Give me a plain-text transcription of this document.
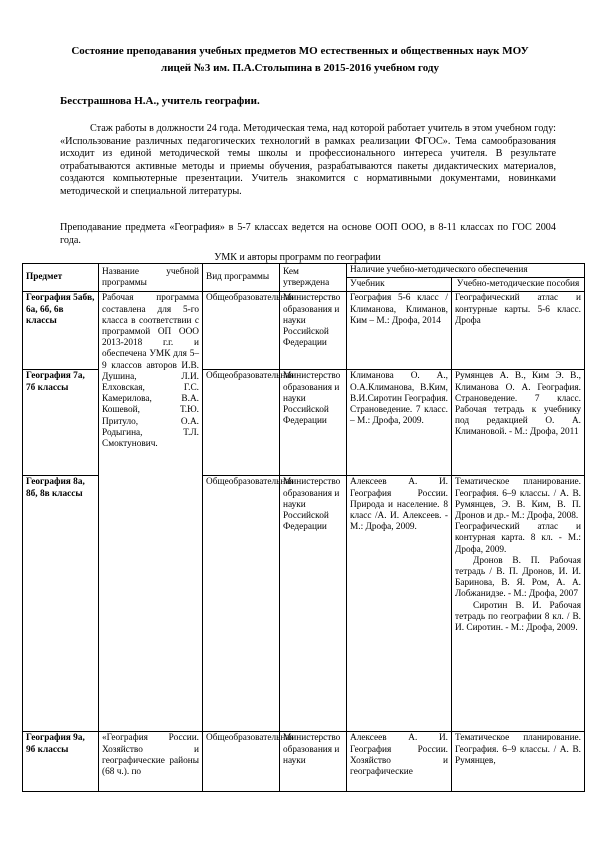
Состояние преподавания учебных предметов МО естественных и общественных наук МОУ
лицей №3 им. П.А.Столыпина в 2015-2016 учебном году
Бесстрашнова Н.А., учитель географии.
Стаж работы в должности 24 года. Методическая тема, над которой работает учитель в этом учебном году: «Использование различных педагогических технологий в рамках реализации ФГОС». Тема самообразования исходит из единой методической темы школы и профессионального интереса учителя. В результате отрабатываются активные методы и приемы обучения, разрабатываются пакеты дидактических материалов, создаются компьютерные презентации. Учитель знакомится с нормативными документами, новинками методической и специальной литературы.
Преподавание предмета «География» в 5-7 классах ведется на основе ООП ООО, в 8-11 классах по ГОС 2004 года.
УМК и авторы программ по географии
Предмет	Название учебной программы	Вид программы	Кем утверждена	Наличие учебно-методического обеспечения	
				Учебник	Учебно-методические пособия
География 5абв, 6а, 6б, 6в классы	Рабочая программа составлена для 5-го класса в соответствии с программой ОП ООО 2013-2018 г.г. и обеспечена УМК для 5–9 классов авторов И.В. Душина, Л.И. Елховская, Г.С. Камерилова, В.А. Кошевой, Т.Ю. Притуло, О.А. Родыгина, Т.Л. Смоктунович.	Общеобразовательная	Министерство образования и науки Российской Федерации	География 5-6 класс /Климанова, Климанов, Ким – М.: Дрофа, 2014	Географический атлас и контурные карты. 5-6 класс. Дрофа
География 7а, 7б классы		Общеобразовательная	Министерство образования и науки Российской Федерации	Климанова О. А., О.А.Климанова, В.Ким, В.И.Сиротин География. Страноведение. 7 класс. – М.: Дрофа, 2009.	Румянцев А. В., Ким Э. В., Климанова О. А. География. Страноведение. 7 класс. Рабочая тетрадь к учебнику под редакцией О. А. Климановой. - М.: Дрофа, 2011
География 8а, 8б, 8в классы		Общеобразовательная	Министерство образования и науки Российской Федерации	Алексеев А. И. География России. Природа и население. 8 класс /А. И. Алексеев. - М.: Дрофа, 2009.	Тематическое планирование. География. 6–9 классы. / А. В. Румянцев, Э. В. Ким, В. П. Дронов и др.- М.: Дрофа, 2008.
Географический атлас и контурная карта. 8 кл. - М.: Дрофа, 2009.
Дронов В. П. Рабочая тетрадь / В. П. Дронов, И. И. Баринова, В. Я. Ром, А. А. Лобжанидзе. - М.: Дрофа, 2007
Сиротин В. И. Рабочая тетрадь по географии 8 кл. / В. И. Сиротин. - М.: Дрофа, 2009.

География 9а, 9б классы	«География России. Хозяйство и географические районы (68 ч.). по	Общеобразовательная	Министерство образования и науки	Алексеев А. И. География России. Хозяйство и географические	Тематическое планирование. География. 6–9 классы. / А. В. Румянцев,
